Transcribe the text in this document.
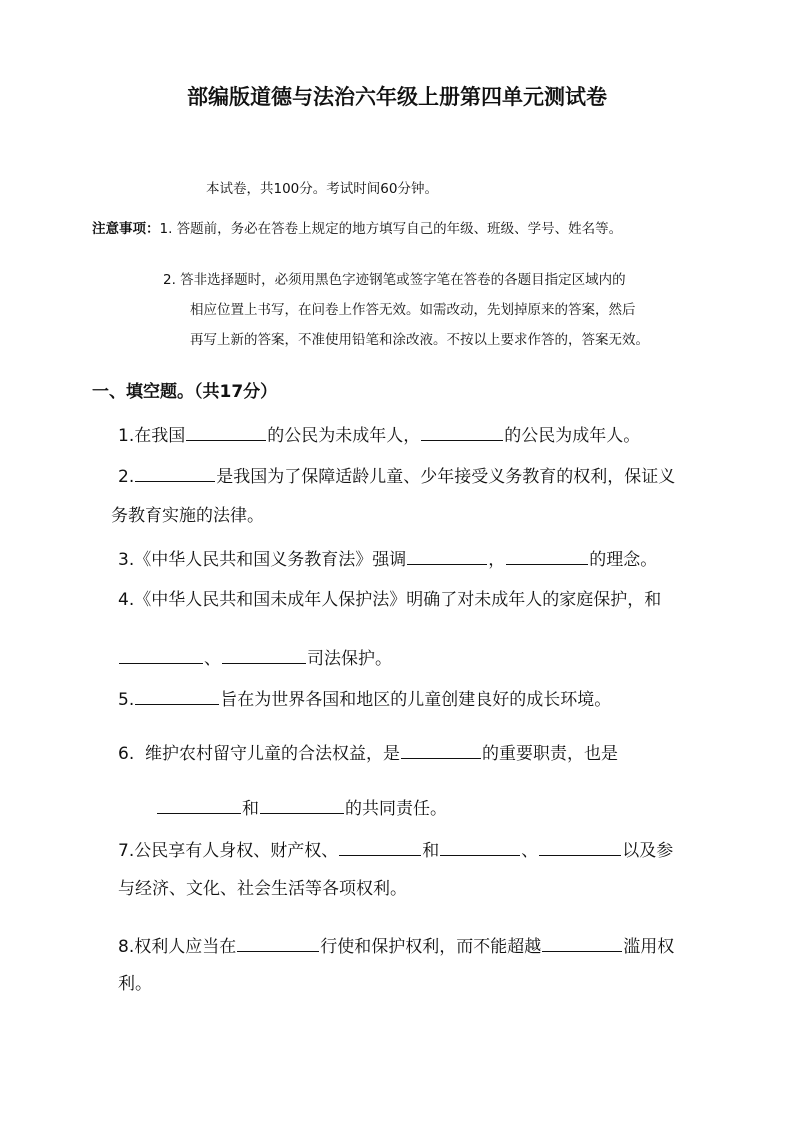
部编版道德与法治六年级上册第四单元测试卷
本试卷，共100分。考试时间60分钟。
注意事项：1. 答题前，务必在答卷上规定的地方填写自己的年级、班级、学号、姓名等。
2. 答非选择题时，必须用黑色字迹钢笔或签字笔在答卷的各题目指定区域内的
相应位置上书写，在问卷上作答无效。如需改动，先划掉原来的答案，然后
再写上新的答案，不准使用铅笔和涂改液。不按以上要求作答的，答案无效。
一、填空题。（共17分）
1.在我国	的公民为未成年人，	的公民为成年人。
2.	是我国为了保障适龄儿童、少年接受义务教育的权利，保证义
务教育实施的法律。
3.《中华人民共和国义务教育法》强调	，	的理念。
4.《中华人民共和国未成年人保护法》明确了对未成年人的家庭保护，和
、	司法保护。
5.	旨在为世界各国和地区的儿童创建良好的成长环境。
6.  维护农村留守儿童的合法权益，是	的重要职责，也是
和	的共同责任。
7.公民享有人身权、财产权、	和	、	以及参
与经济、文化、社会生活等各项权利。
8.权利人应当在	行使和保护权利，而不能超越	滥用权
利。
